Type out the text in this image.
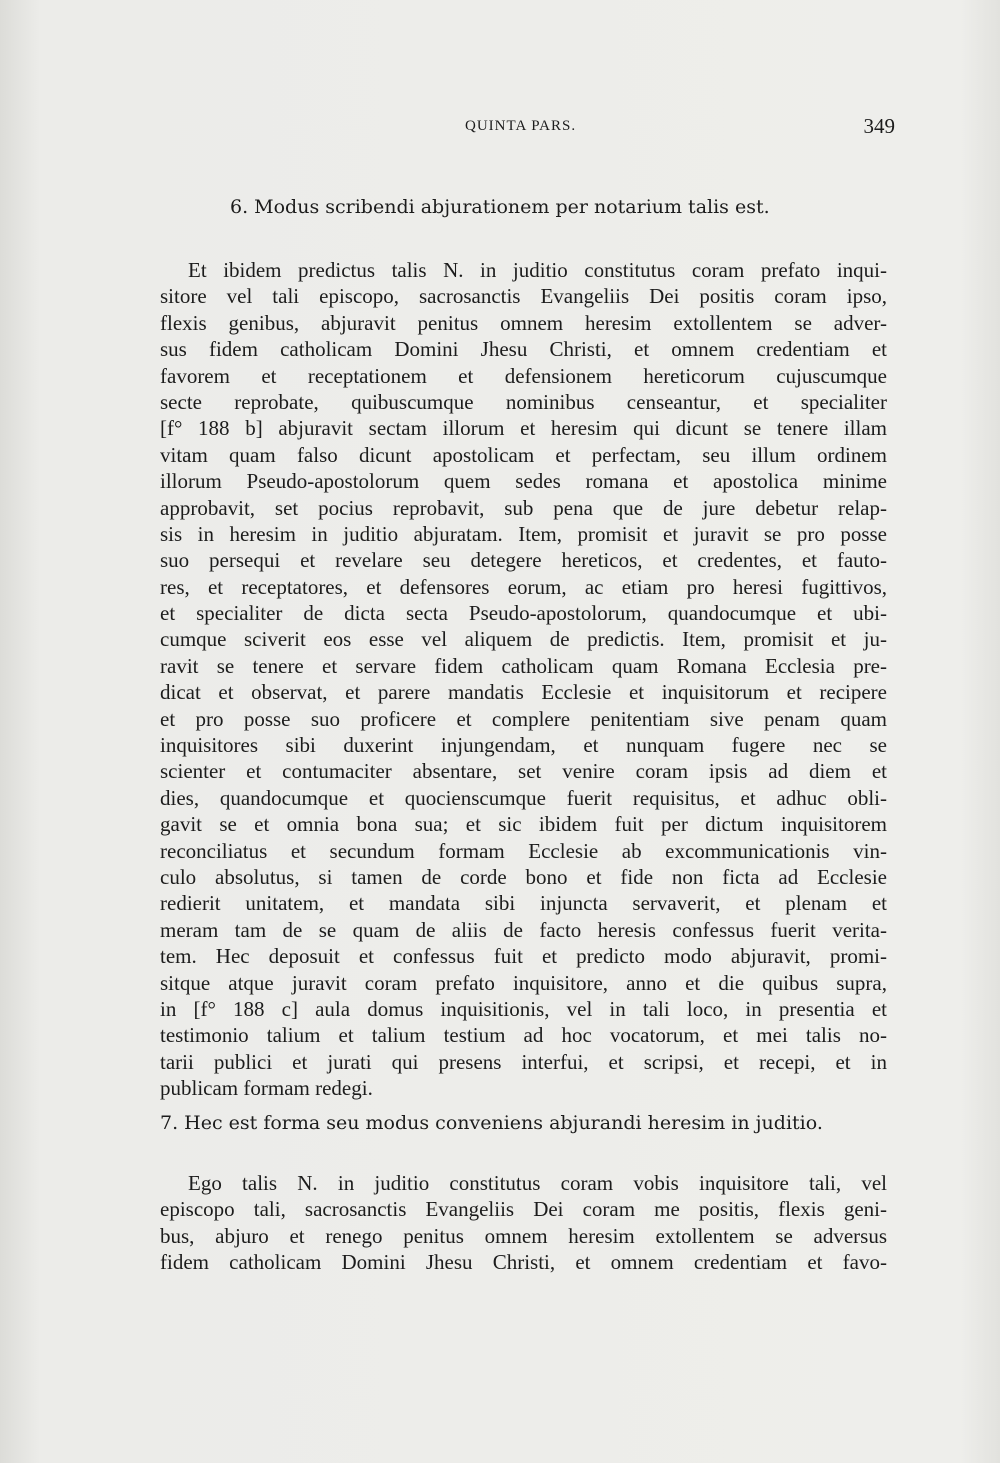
QUINTA PARS.	349
6. Modus scribendi abjurationem per notarium talis est.
Et ibidem predictus talis N. in juditio constitutus coram prefato inqui-
sitore vel tali episcopo, sacrosanctis Evangeliis Dei positis coram ipso,
flexis genibus, abjuravit penitus omnem heresim extollentem se adver-
sus fidem catholicam Domini Jhesu Christi, et omnem credentiam et
favorem et receptationem et defensionem hereticorum cujuscumque
secte reprobate, quibuscumque nominibus censeantur, et specialiter
[f° 188 b] abjuravit sectam illorum et heresim qui dicunt se tenere illam
vitam quam falso dicunt apostolicam et perfectam, seu illum ordinem
illorum Pseudo-apostolorum quem sedes romana et apostolica minime
approbavit, set pocius reprobavit, sub pena que de jure debetur relap-
sis in heresim in juditio abjuratam. Item, promisit et juravit se pro posse
suo persequi et revelare seu detegere hereticos, et credentes, et fauto-
res, et receptatores, et defensores eorum, ac etiam pro heresi fugittivos,
et specialiter de dicta secta Pseudo-apostolorum, quandocumque et ubi-
cumque sciverit eos esse vel aliquem de predictis. Item, promisit et ju-
ravit se tenere et servare fidem catholicam quam Romana Ecclesia pre-
dicat et observat, et parere mandatis Ecclesie et inquisitorum et recipere
et pro posse suo proficere et complere penitentiam sive penam quam
inquisitores sibi duxerint injungendam, et nunquam fugere nec se
scienter et contumaciter absentare, set venire coram ipsis ad diem et
dies, quandocumque et quocienscumque fuerit requisitus, et adhuc obli-
gavit se et omnia bona sua; et sic ibidem fuit per dictum inquisitorem
reconciliatus et secundum formam Ecclesie ab excommunicationis vin-
culo absolutus, si tamen de corde bono et fide non ficta ad Ecclesie
redierit unitatem, et mandata sibi injuncta servaverit, et plenam et
meram tam de se quam de aliis de facto heresis confessus fuerit verita-
tem. Hec deposuit et confessus fuit et predicto modo abjuravit, promi-
sitque atque juravit coram prefato inquisitore, anno et die quibus supra,
in [f° 188 c] aula domus inquisitionis, vel in tali loco, in presentia et
testimonio talium et talium testium ad hoc vocatorum, et mei talis no-
tarii publici et jurati qui presens interfui, et scripsi, et recepi, et in
publicam formam redegi.
7. Hec est forma seu modus conveniens abjurandi heresim in juditio.
Ego talis N. in juditio constitutus coram vobis inquisitore tali, vel
episcopo tali, sacrosanctis Evangeliis Dei coram me positis, flexis geni-
bus, abjuro et renego penitus omnem heresim extollentem se adversus
fidem catholicam Domini Jhesu Christi, et omnem credentiam et favo-
